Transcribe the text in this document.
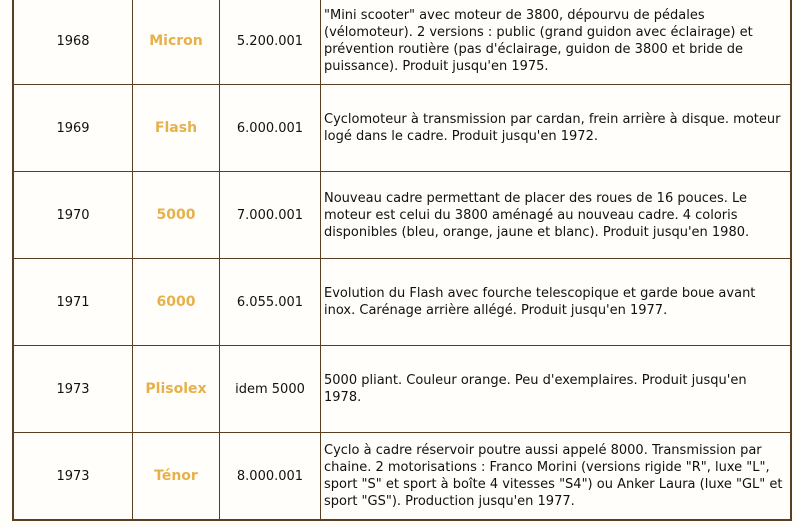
1968	Micron	5.200.001	"Mini scooter" avec moteur de 3800, dépourvu de pédales (vélomoteur). 2 versions : public (grand guidon avec éclairage) et prévention routière (pas d'éclairage, guidon de 3800 et bride de puissance). Produit jusqu'en 1975.
1969	Flash	6.000.001	Cyclomoteur à transmission par cardan, frein arrière à disque. moteur logé dans le cadre. Produit jusqu'en 1972.
1970	5000	7.000.001	Nouveau cadre permettant de placer des roues de 16 pouces. Le moteur est celui du 3800 aménagé au nouveau cadre. 4 coloris disponibles (bleu, orange, jaune et blanc). Produit jusqu'en 1980.
1971	6000	6.055.001	Evolution du Flash avec fourche telescopique et garde boue avant inox. Carénage arrière allégé. Produit jusqu'en 1977.
1973	Plisolex	idem 5000	5000 pliant. Couleur orange. Peu d'exemplaires. Produit jusqu'en 1978.
1973	Ténor	8.000.001	Cyclo à cadre réservoir poutre aussi appelé 8000. Transmission par chaine. 2 motorisations : Franco Morini (versions rigide "R", luxe "L", sport "S" et sport à boîte 4 vitesses "S4") ou Anker Laura (luxe "GL" et sport "GS"). Production jusqu'en 1977.
